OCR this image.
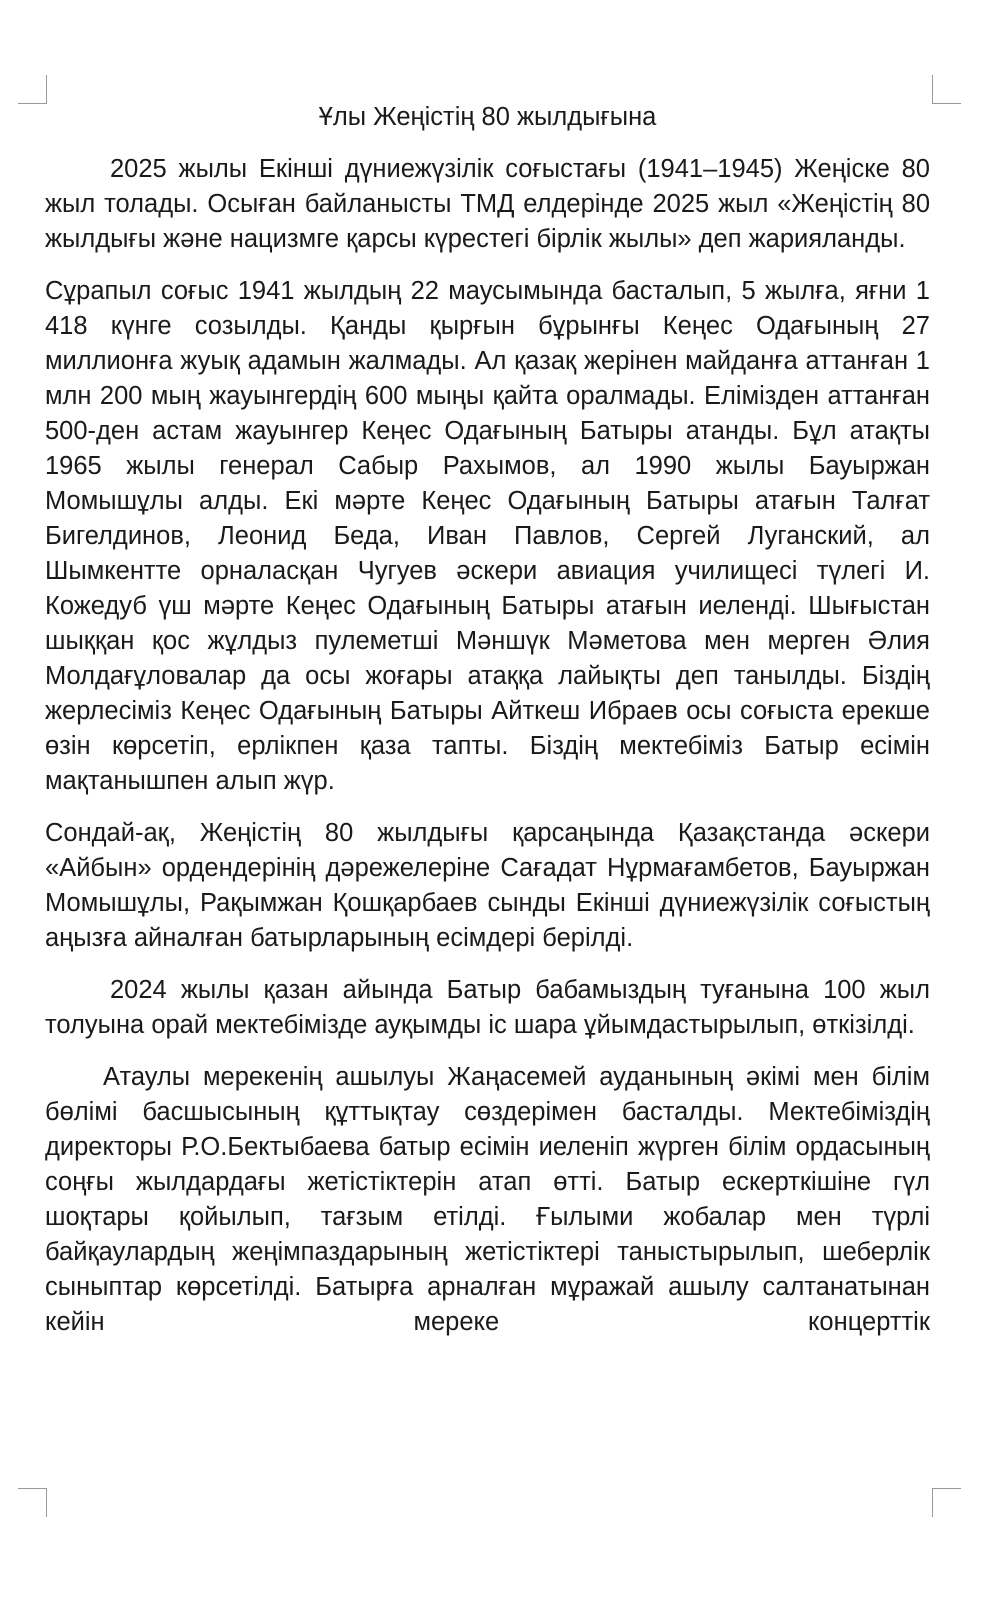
Ұлы Жеңістің 80 жылдығына

2025 жылы Екінші дүниежүзілік соғыстағы (1941–1945) Жеңіске 80 жыл толады. Осыған байланысты ТМД елдерінде 2025 жыл «Жеңістің 80 жылдығы және нацизмге қарсы күрестегі бірлік жылы» деп жарияланды.

Сұрапыл соғыс 1941 жылдың 22 маусымында басталып, 5 жылға, яғни 1 418 күнге созылды. Қанды қырғын бұрынғы Кеңес Одағының 27 миллионға жуық адамын жалмады. Ал қазақ жерінен майданға аттанған 1 млн 200 мың жауынгердің 600 мыңы қайта оралмады. Елімізден аттанған 500-ден астам жауынгер Кеңес Одағының Батыры атанды. Бұл атақты 1965 жылы генерал Сабыр Рахымов, ал 1990 жылы Бауыржан Момышұлы алды. Екі мәрте Кеңес Одағының Батыры атағын Талғат Бигелдинов, Леонид Беда, Иван Павлов, Сергей Луганский, ал Шымкентте орналасқан Чугуев әскери авиация училищесі түлегі И. Кожедуб үш мәрте Кеңес Одағының Батыры атағын иеленді. Шығыстан шыққан қос жұлдыз пулеметші Мәншүк Мәметова мен мерген Әлия Молдағұловалар да осы жоғары атаққа лайықты деп танылды. Біздің жерлесіміз Кеңес Одағының Батыры Айткеш Ибраев осы соғыста ерекше өзін көрсетіп, ерлікпен қаза тапты. Біздің мектебіміз Батыр есімін мақтанышпен алып жүр.

Сондай-ақ, Жеңістің 80 жылдығы қарсаңында Қазақстанда әскери «Айбын» ордендерінің дәрежелеріне Сағадат Нұрмағамбетов, Бауыржан Момышұлы, Рақымжан Қошқарбаев сынды Екінші дүниежүзілік соғыстың аңызға айналған батырларының есімдері берілді.

2024 жылы қазан айында Батыр бабамыздың туғанына 100 жыл толуына орай мектебімізде ауқымды іс шара ұйымдастырылып, өткізілді.

Атаулы мерекенің ашылуы Жаңасемей ауданының әкімі мен білім бөлімі басшысының құттықтау сөздерімен басталды. Мектебіміздің директоры Р.О.Бектыбаева батыр есімін иеленіп жүрген білім ордасының соңғы жылдардағы жетістіктерін атап өтті. Батыр ескерткішіне гүл шоқтары қойылып, тағзым етілді. Ғылыми жобалар мен түрлі байқаулардың жеңімпаздарының жетістіктері таныстырылып, шеберлік сыныптар көрсетілді. Батырға арналған мұражай ашылу салтанатынан кейін мереке концерттік
